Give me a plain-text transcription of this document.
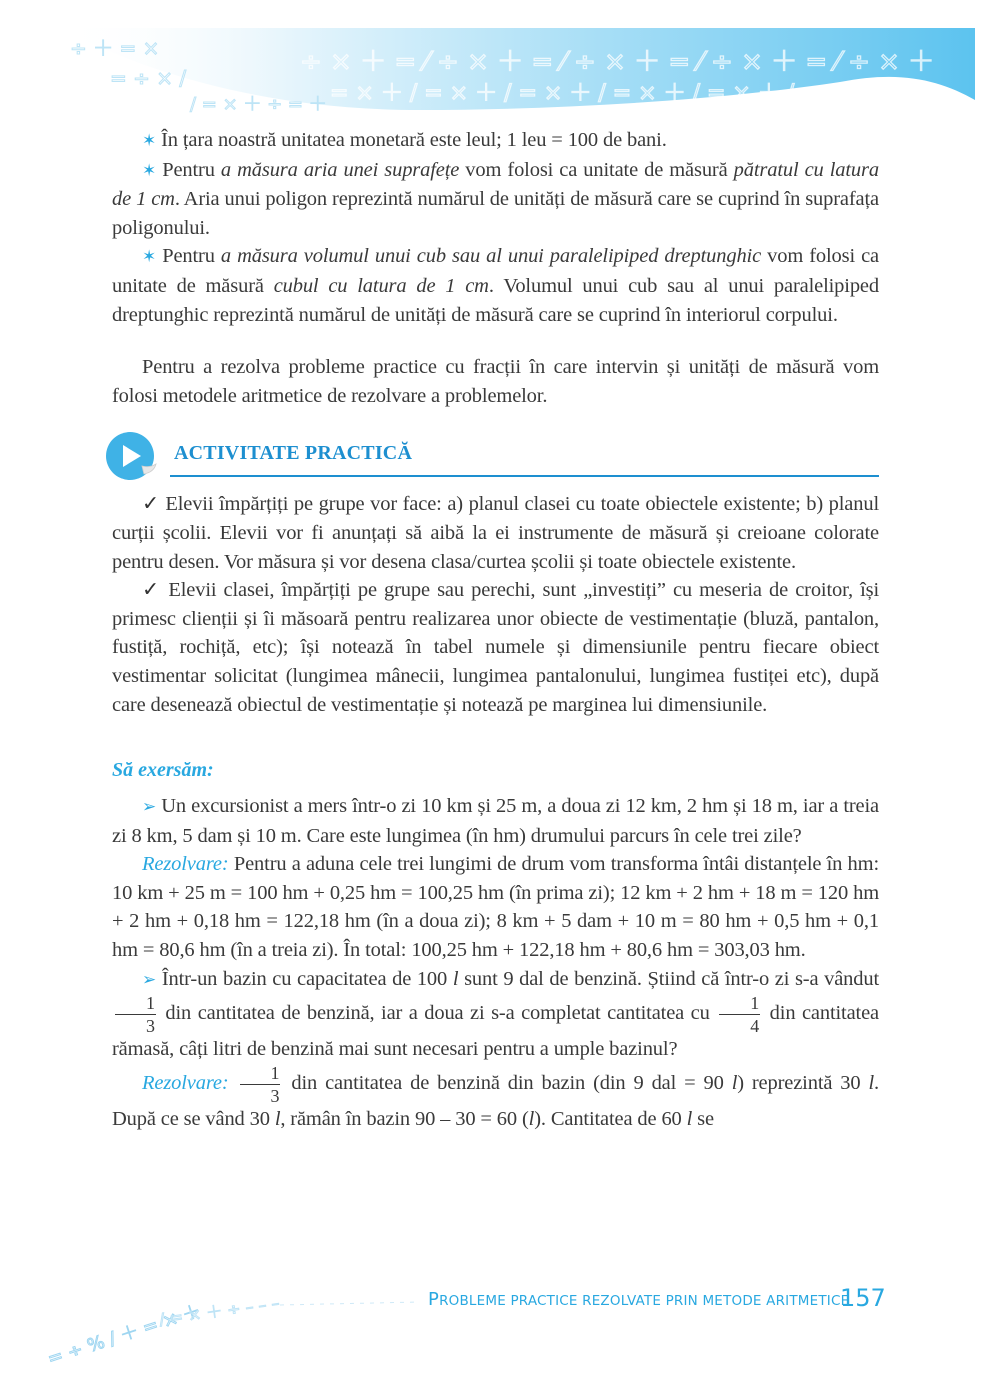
÷ × ＋ = ⁄ ÷ × ＋ = ⁄ ÷ × ＋ = ⁄ ÷ × ＋ = ⁄ ÷ × ＋
= × ＋ / = × ＋ / = × ＋ / = × ＋ / = × ＋ / =
÷ ＋ = ×
= ÷ × /
/ = × ＋ ÷ = ＋

✶ În țara noastră unitatea monetară este leul; 1 leu = 100 de bani.

✶ Pentru a măsura aria unei suprafețe vom folosi ca unitate de măsură pătratul cu latura de 1 cm. Aria unui poligon reprezintă numărul de unități de măsură care se cuprind în suprafața poligonului.

✶ Pentru a măsura volumul unui cub sau al unui paralelipiped dreptunghic vom folosi ca unitate de măsură cubul cu latura de 1 cm. Volumul unui cub sau al unui paralelipiped dreptunghic reprezintă numărul de unități de măsură care se cuprind în interiorul corpului.

Pentru a rezolva probleme practice cu fracții în care intervin și unități de măsură vom folosi metodele aritmetice de rezolvare a problemelor.

ACTIVITATE PRACTICĂ

✓ Elevii împărțiți pe grupe vor face: a) planul clasei cu toate obiectele existente; b) planul curții școlii. Elevii vor fi anunțați să aibă la ei instrumente de măsură și creioane colorate pentru desen. Vor măsura și vor desena clasa/curtea școlii și toate obiectele existente.

✓ Elevii clasei, împărțiți pe grupe sau perechi, sunt „investiți” cu meseria de croitor, își primesc clienții și îi măsoară pentru realizarea unor obiecte de vestimentație (bluză, pantalon, fustiță, rochiță, etc); își notează în tabel numele și dimensiunile pentru fiecare obiect vestimentar solicitat (lungimea mânecii, lungimea pantalonului, lungimea fustiței etc), după care desenează obiectul de vestimentație și notează pe marginea lui dimensiunile.

Să exersăm:

➢ Un excursionist a mers într-o zi 10 km și 25 m, a doua zi 12 km, 2 hm și 18 m, iar a treia zi 8 km, 5 dam și 10 m. Care este lungimea (în hm) drumului parcurs în cele trei zile?

Rezolvare: Pentru a aduna cele trei lungimi de drum vom transforma întâi distanțele în hm: 10 km + 25 m = 100 hm + 0,25 hm = 100,25 hm (în prima zi); 12 km + 2 hm + 18 m = 120 hm + 2 hm + 0,18 hm = 122,18 hm (în a doua zi); 8 km + 5 dam + 10 m = 80 hm + 0,5 hm + 0,1 hm = 80,6 hm (în a treia zi). În total: 100,25 hm + 122,18 hm + 80,6 hm = 303,03 hm.

➢ Într-un bazin cu capacitatea de 100 l sunt 9 dal de benzină. Știind că într-o zi s-a vândut
$\frac{1}{3}$ din cantitatea de benzină, iar a doua zi s-a completat cantitatea cu $\frac{1}{4}$ din cantitatea rămasă, câți litri de benzină mai sunt necesari pentru a umple bazinul?

Rezolvare: $\frac{1}{3}$ din cantitatea de benzină din bazin (din 9 dal = 90 l) reprezintă 30 l. După ce se vând 30 l, rămân în bazin 90 – 30 = 60 (l). Cantitatea de 60 l se

= ÷ % / ＋ = × ＋
/ = × ＋ ÷ – – –	PROBLEME PRACTICE REZOLVATE PRIN METODE ARITMETICE
157
